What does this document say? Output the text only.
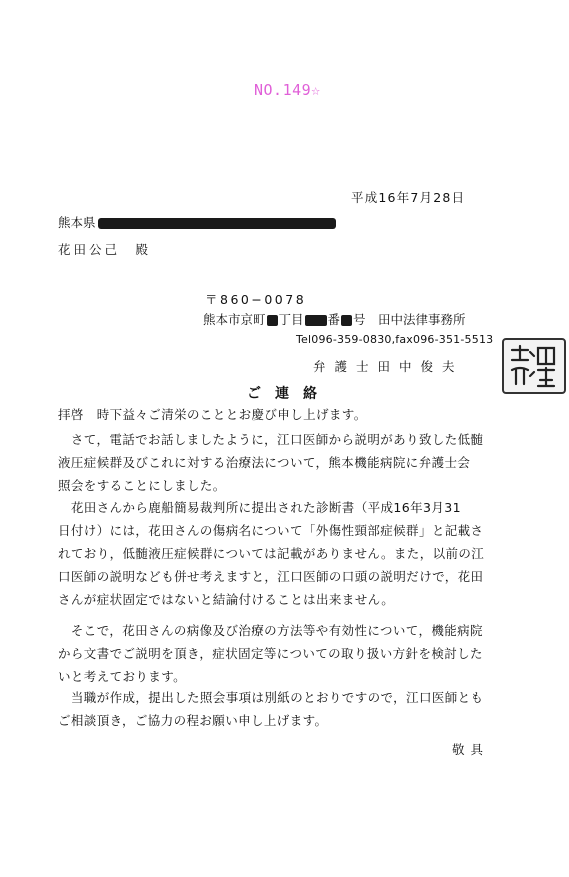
NO.149☆
平成16年7月28日
熊本県
花田公己　殿
〒860−0078
熊本市京町 丁目 番 号　田中法律事務所
Tel096-359-0830,fax096-351-5513
弁護士田中俊夫
ご連絡
拝啓　時下益々ご清栄のこととお慶び申し上げます。
　さて，電話でお話しましたように，江口医師から説明があり致した低髄
液圧症候群及びこれに対する治療法について，熊本機能病院に弁護士会
照会をすることにしました。
　花田さんから鹿船簡易裁判所に提出された診断書（平成16年3月31
日付け）には，花田さんの傷病名について「外傷性頸部症候群」と記載さ
れており，低髄液圧症候群については記載がありません。また，以前の江
口医師の説明なども併せ考えますと，江口医師の口頭の説明だけで，花田
さんが症状固定ではないと結論付けることは出来ません。
　そこで，花田さんの病像及び治療の方法等や有効性について，機能病院
から文書でご説明を頂き，症状固定等についての取り扱い方針を検討した
いと考えております。
　当職が作成，提出した照会事項は別紙のとおりですので，江口医師とも
ご相談頂き，ご協力の程お願い申し上げます。
敬具
